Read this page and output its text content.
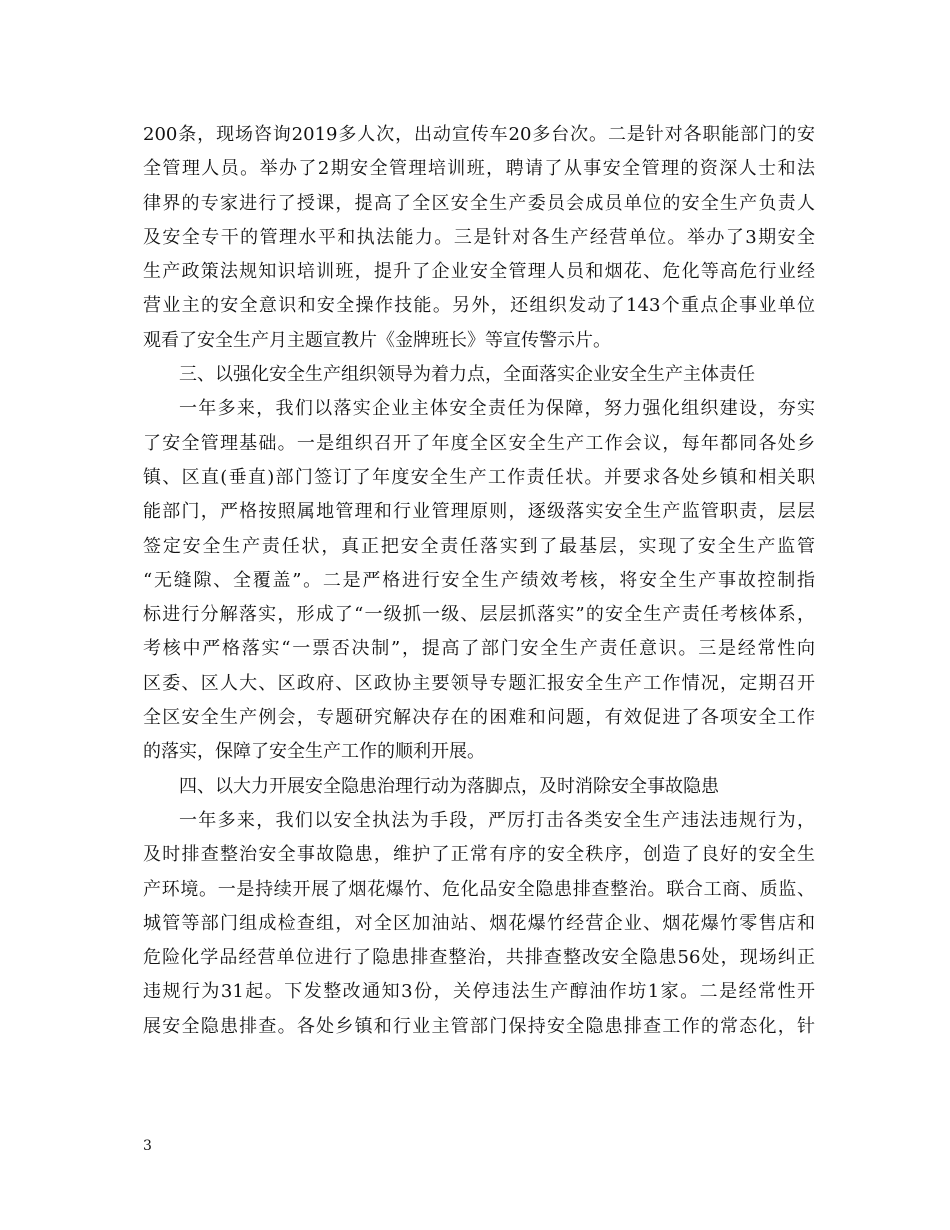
200条，现场咨询2019多人次，出动宣传车20多台次。二是针对各职能部门的安
全管理人员。举办了2期安全管理培训班，聘请了从事安全管理的资深人士和法
律界的专家进行了授课，提高了全区安全生产委员会成员单位的安全生产负责人
及安全专干的管理水平和执法能力。三是针对各生产经营单位。举办了3期安全
生产政策法规知识培训班，提升了企业安全管理人员和烟花、危化等高危行业经
营业主的安全意识和安全操作技能。另外，还组织发动了143个重点企事业单位
观看了安全生产月主题宣教片《金牌班长》等宣传警示片。
三、以强化安全生产组织领导为着力点，全面落实企业安全生产主体责任
一年多来，我们以落实企业主体安全责任为保障，努力强化组织建设，夯实
了安全管理基础。一是组织召开了年度全区安全生产工作会议，每年都同各处乡
镇、区直(垂直)部门签订了年度安全生产工作责任状。并要求各处乡镇和相关职
能部门，严格按照属地管理和行业管理原则，逐级落实安全生产监管职责，层层
签定安全生产责任状，真正把安全责任落实到了最基层，实现了安全生产监管
“无缝隙、全覆盖”。二是严格进行安全生产绩效考核，将安全生产事故控制指
标进行分解落实，形成了“一级抓一级、层层抓落实”的安全生产责任考核体系，
考核中严格落实“一票否决制”，提高了部门安全生产责任意识。三是经常性向
区委、区人大、区政府、区政协主要领导专题汇报安全生产工作情况，定期召开
全区安全生产例会，专题研究解决存在的困难和问题，有效促进了各项安全工作
的落实，保障了安全生产工作的顺利开展。
四、以大力开展安全隐患治理行动为落脚点，及时消除安全事故隐患
一年多来，我们以安全执法为手段，严厉打击各类安全生产违法违规行为，
及时排查整治安全事故隐患，维护了正常有序的安全秩序，创造了良好的安全生
产环境。一是持续开展了烟花爆竹、危化品安全隐患排查整治。联合工商、质监、
城管等部门组成检查组，对全区加油站、烟花爆竹经营企业、烟花爆竹零售店和
危险化学品经营单位进行了隐患排查整治，共排查整改安全隐患56处，现场纠正
违规行为31起。下发整改通知3份，关停违法生产醇油作坊1家。二是经常性开
展安全隐患排查。各处乡镇和行业主管部门保持安全隐患排查工作的常态化，针
3
